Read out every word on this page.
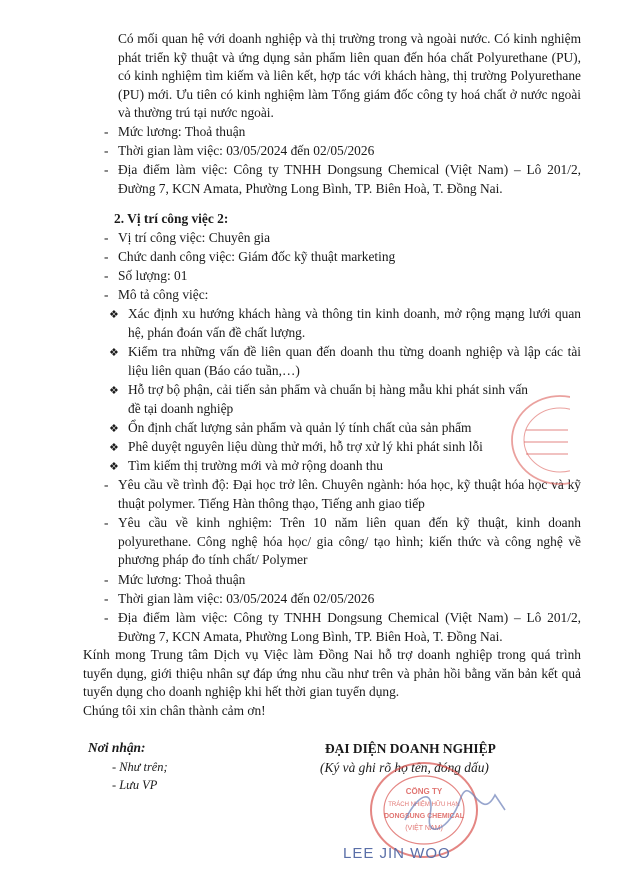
Có mối quan hệ với doanh nghiệp và thị trường trong và ngoài nước. Có kinh nghiệm phát triển kỹ thuật và ứng dụng sản phẩm liên quan đến hóa chất Polyurethane (PU), có kinh nghiệm tìm kiếm và liên kết, hợp tác với khách hàng, thị trường Polyurethane (PU) mới. Ưu tiên có kinh nghiệm làm Tổng giám đốc công ty hoá chất ở nước ngoài và thường trú tại nước ngoài.

- Mức lương: Thoả thuận

- Thời gian làm việc: 03/05/2024 đến 02/05/2026

- Địa điểm làm việc: Công ty TNHH Dongsung Chemical (Việt Nam) – Lô 201/2, Đường 7, KCN Amata, Phường Long Bình, TP. Biên Hoà, T. Đồng Nai.

2. Vị trí công việc 2:
- Vị trí công việc: Chuyên gia

- Chức danh công việc: Giám đốc kỹ thuật marketing

- Số lượng: 01

- Mô tả công việc:

❖ Xác định xu hướng khách hàng và thông tin kinh doanh, mở rộng mạng lưới quan hệ, phán đoán vấn đề chất lượng.

❖ Kiểm tra những vấn đề liên quan đến doanh thu từng doanh nghiệp và lập các tài liệu liên quan (Báo cáo tuần,…)

❖ Hỗ trợ bộ phận, cải tiến sản phẩm và chuẩn bị hàng mẫu khi phát sinh vấn đề tại doanh nghiệp

❖ Ổn định chất lượng sản phẩm và quản lý tính chất của sản phẩm

❖ Phê duyệt nguyên liệu dùng thử mới, hỗ trợ xử lý khi phát sinh lỗi

❖ Tìm kiếm thị trường mới và mở rộng doanh thu

- Yêu cầu về trình độ: Đại học trở lên. Chuyên ngành: hóa học, kỹ thuật hóa học và kỹ thuật polymer. Tiếng Hàn thông thạo, Tiếng anh giao tiếp

- Yêu cầu về kinh nghiệm: Trên 10 năm liên quan đến kỹ thuật, kinh doanh polyurethane. Công nghệ hóa học/ gia công/ tạo hình; kiến thức và công nghệ về phương pháp đo tính chất/ Polymer

- Mức lương: Thoả thuận

- Thời gian làm việc: 03/05/2024 đến 02/05/2026

- Địa điểm làm việc: Công ty TNHH Dongsung Chemical (Việt Nam) – Lô 201/2, Đường 7, KCN Amata, Phường Long Bình, TP. Biên Hoà, T. Đồng Nai.

Kính mong Trung tâm Dịch vụ Việc làm Đồng Nai hỗ trợ doanh nghiệp trong quá trình tuyển dụng, giới thiệu nhân sự đáp ứng nhu cầu như trên và phản hồi bằng văn bản kết quả tuyển dụng cho doanh nghiệp khi hết thời gian tuyển dụng.

Chúng tôi xin chân thành cảm ơn!

Nơi nhận:
- Như trên;
- Lưu VP
ĐẠI DIỆN DOANH NGHIỆP
(Ký và ghi rõ họ tên, đóng dấu)
CÔNG TY
TRÁCH NHIỆM HỮU HẠN
DONGSUNG CHEMICAL
(VIỆT NAM)
LEE JIN WOO
